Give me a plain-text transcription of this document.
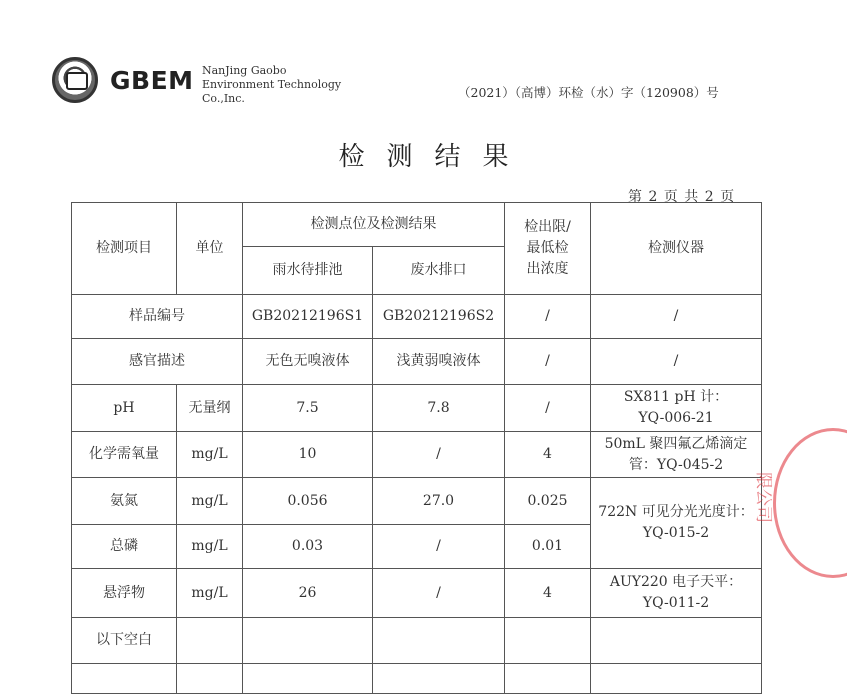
GBEM NanJing Gaobo
Environment Technology
Co.,Inc.	（2021）（高博）环检（水）字（120908）号
检测结果
第 2 页 共 2 页
检测项目	单位	检测点位及检测结果		检出限/
最低检
出浓度	检测仪器
		雨水待排池	废水排口		
样品编号		GB20212196S1	GB20212196S2	/	/
感官描述		无色无嗅液体	浅黄弱嗅液体	/	/
pH	无量纲	7.5	7.8	/	SX811 pH 计：
YQ-006-21

化学需氧量	mg/L	10	/	4	50mL 聚四氟乙烯滴定
管：YQ-045-2

氨氮	mg/L	0.056	27.0	0.025	722N 可见分光光度计：
YQ-015-2

总磷	mg/L	0.03	/	0.01	
悬浮物	mg/L	26	/	4	AUY220 电子天平：
YQ-011-2

以下空白					

限公司
